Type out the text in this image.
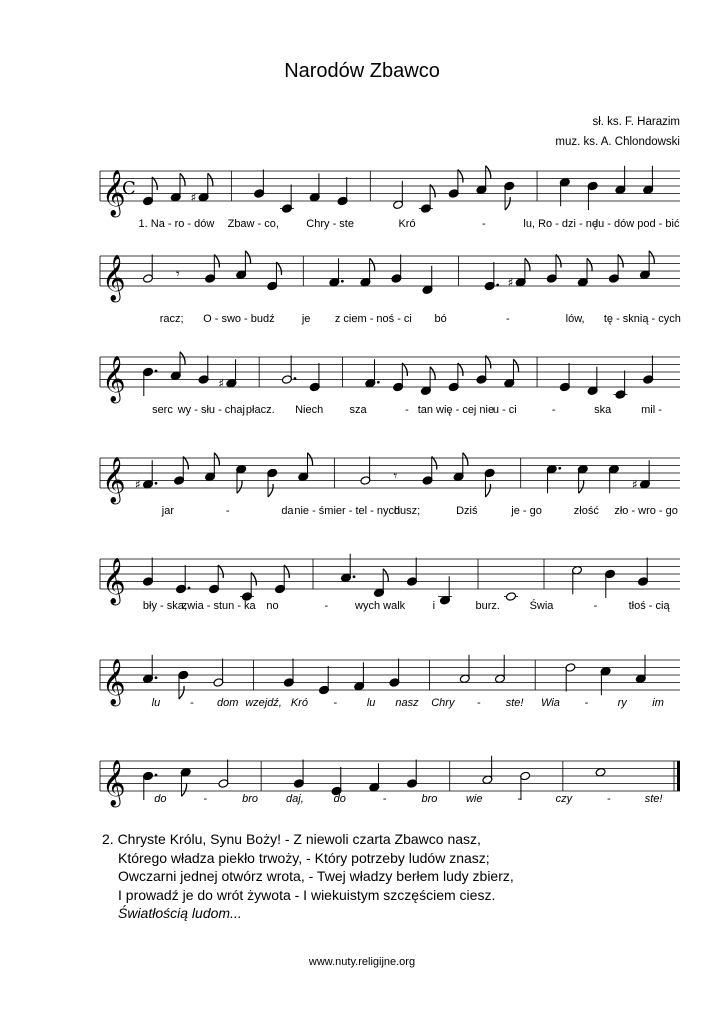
Narodów Zbawco
sł. ks. F. Harazim
muz. ks. A. Chlondowski
𝄞
C	♯
1. Na - ro - dów Zbaw - co, Chry - ste	Kró	-	lu, Ro - dzi - nę
lu - dów pod - bić
𝄞	𝄾	♯
racz; O - swo - budź je z ciem - noś - ci bó	-	lów, tę - sknią - cych
𝄞	♯
serc wy - słu - chaj płacz. Niech sza	- tan wię - cej nie
u - ci	-	ska	mil -
𝄞 ♯	𝄾	♯
jar	-	da nie - śmier - tel - nych
dusz;	Dziś	je - go	złość zło - wro - go
𝄞
bły - ska,
zwia - stun - ka no	- wych walk	i	burz.	Świa	-	tłoś - cią
𝄞 lu	- dom wzejdź, Kró -	lu nasz Chry - ste! Wia -	ry im
𝄞	do	-	bro	daj,	do	-	bro	wie	-	czy	-	ste!
2. Chryste Królu, Synu Boży! - Z niewoli czarta Zbawco nasz,
Którego władza piekło trwoży, - Który potrzeby ludów znasz;
Owczarni jednej otwórz wrota, - Twej władzy berłem ludy zbierz,
I prowadź je do wrót żywota - I wiekuistym szczęściem ciesz.
Światłością ludom...
www.nuty.religijne.org
